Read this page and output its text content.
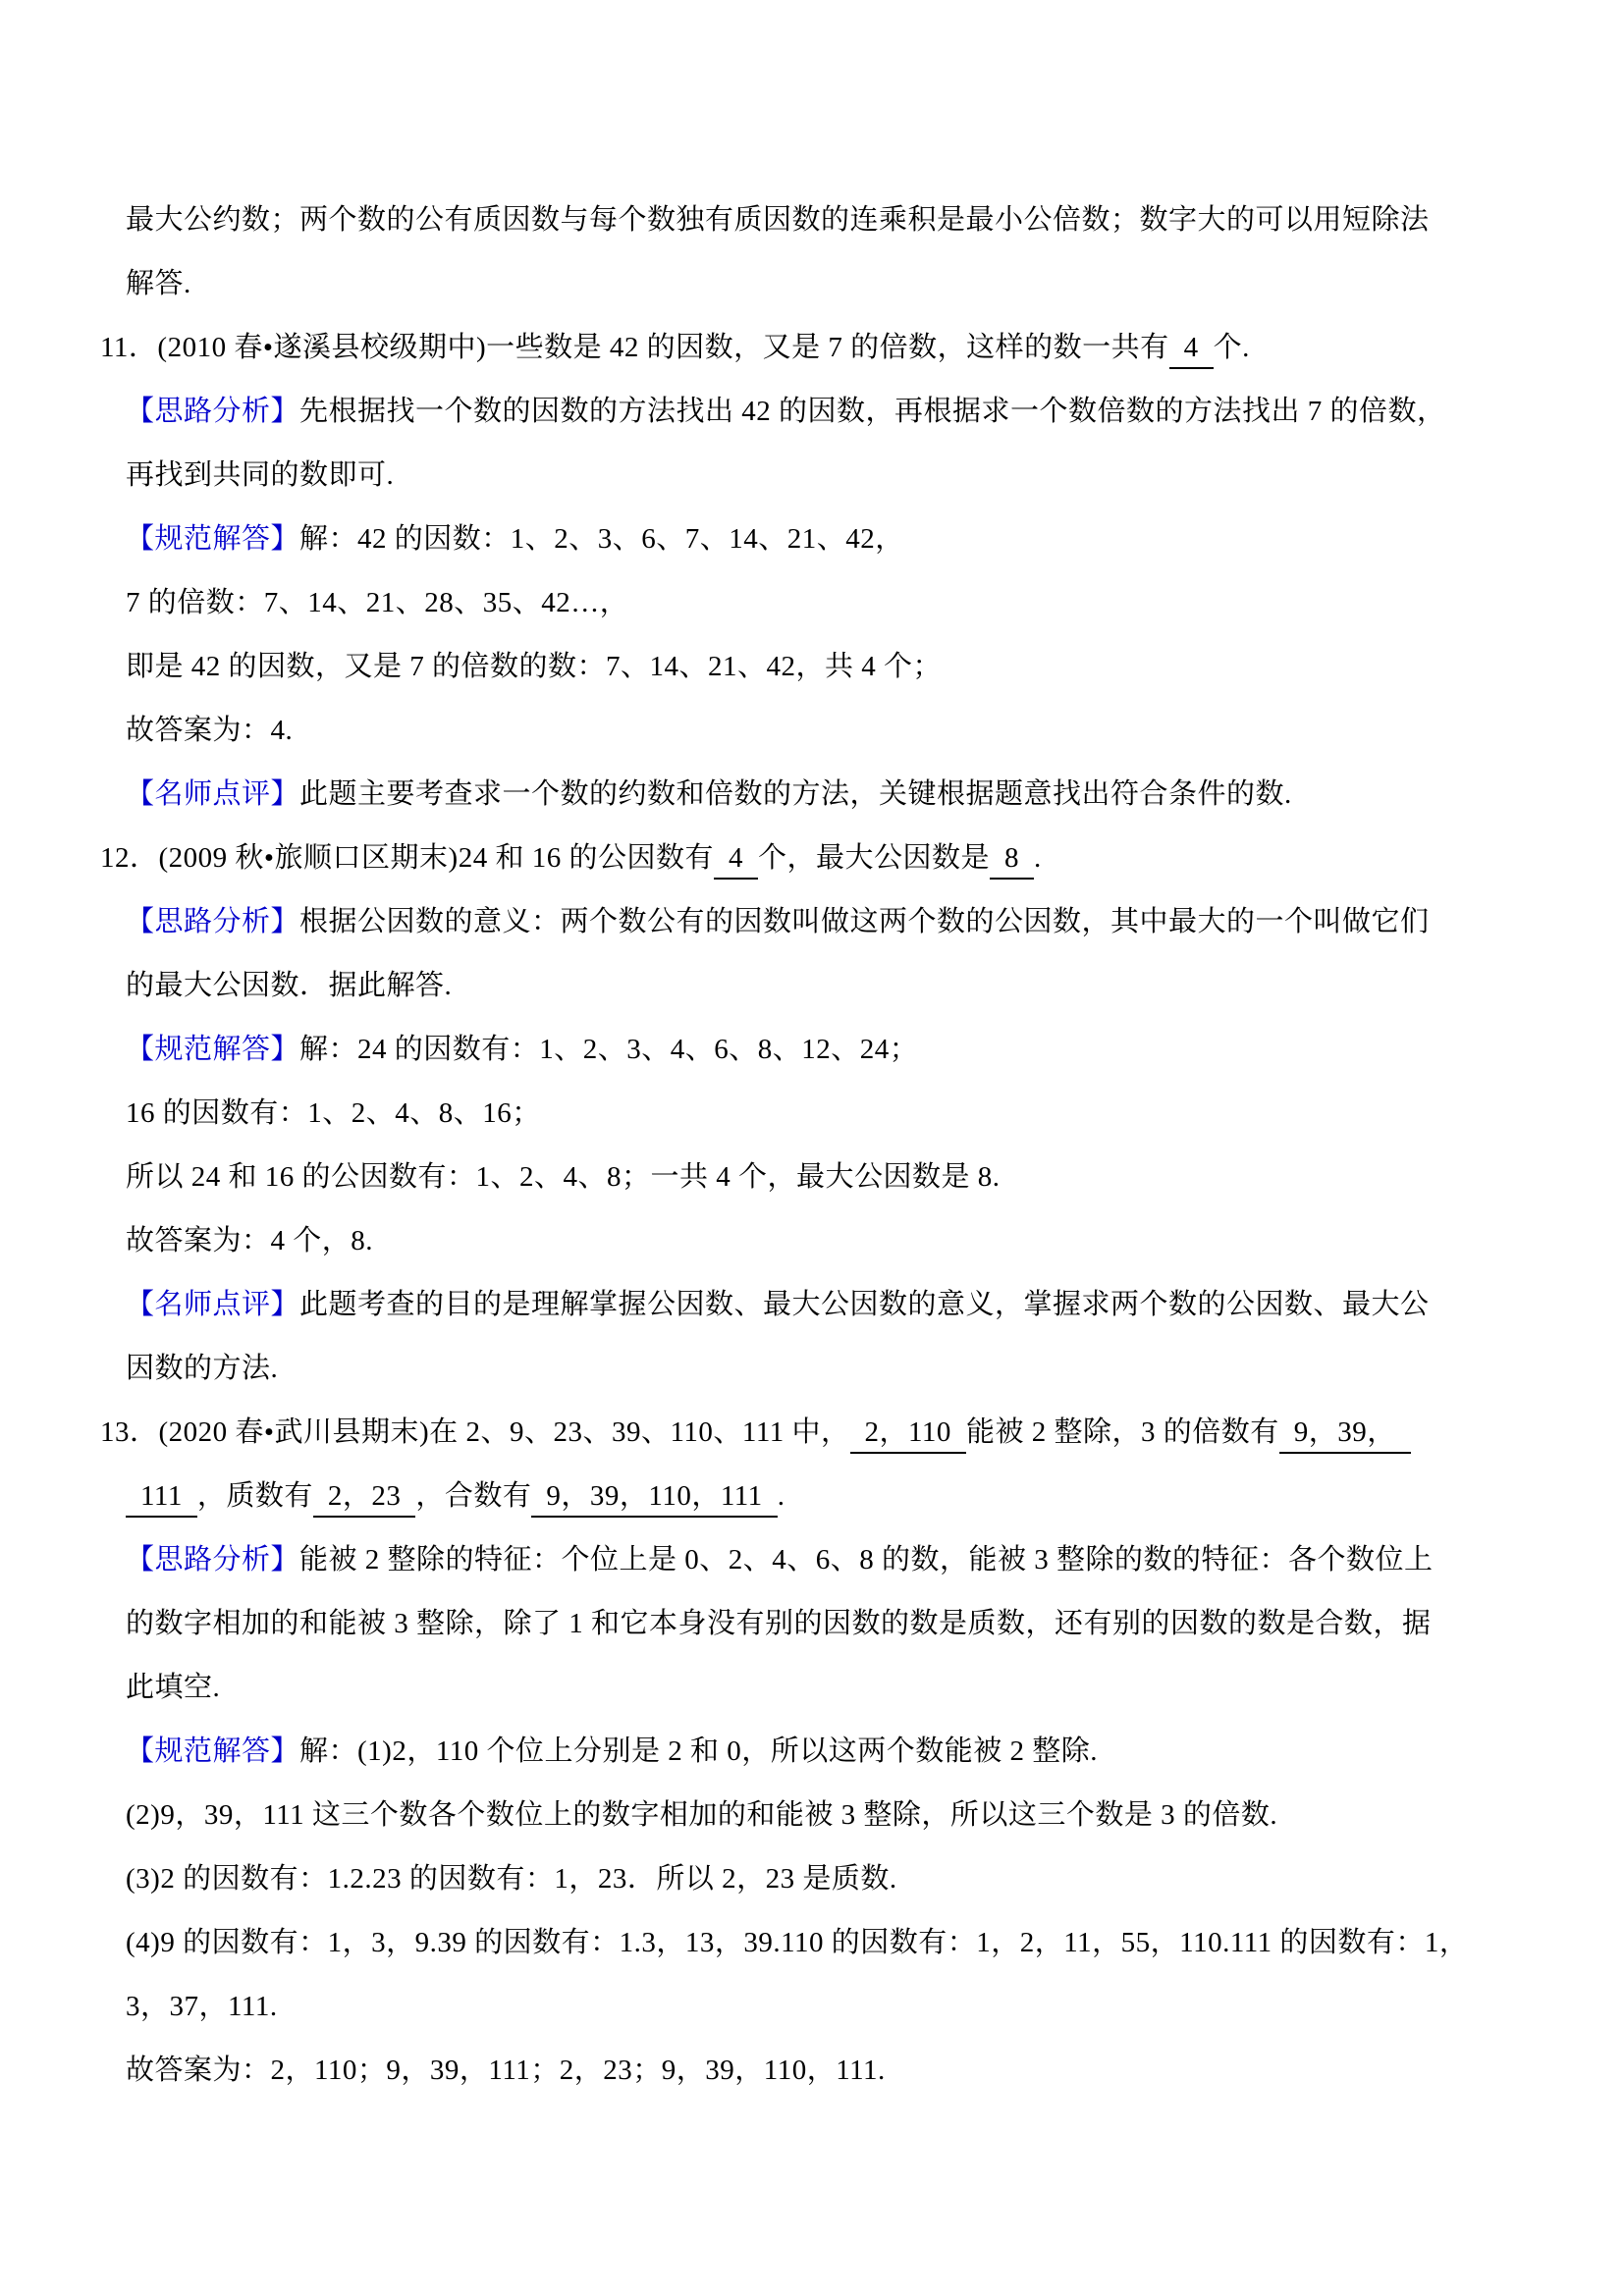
最大公约数；两个数的公有质因数与每个数独有质因数的连乘积是最小公倍数；数字大的可以用短除法
解答.
11．(2010 春•遂溪县校级期中)一些数是 42 的因数，又是 7 的倍数，这样的数一共有 4 个.
【思路分析】先根据找一个数的因数的方法找出 42 的因数，再根据求一个数倍数的方法找出 7 的倍数，
再找到共同的数即可.
【规范解答】解：42 的因数：1、2、3、6、7、14、21、42，
7 的倍数：7、14、21、28、35、42…，
即是 42 的因数，又是 7 的倍数的数：7、14、21、42，共 4 个；
故答案为：4.
【名师点评】此题主要考查求一个数的约数和倍数的方法，关键根据题意找出符合条件的数.
12．(2009 秋•旅顺口区期末)24 和 16 的公因数有 4 个，最大公因数是 8 .
【思路分析】根据公因数的意义：两个数公有的因数叫做这两个数的公因数，其中最大的一个叫做它们
的最大公因数．据此解答.
【规范解答】解：24 的因数有：1、2、3、4、6、8、12、24；
16 的因数有：1、2、4、8、16；
所以 24 和 16 的公因数有：1、2、4、8；一共 4 个，最大公因数是 8.
故答案为：4 个，8.
【名师点评】此题考查的目的是理解掌握公因数、最大公因数的意义，掌握求两个数的公因数、最大公
因数的方法.
13．(2020 春•武川县期末)在 2、9、23、39、110、111 中， 2，110 能被 2 整除，3 的倍数有 9，39，
111 ，质数有 2，23 ，合数有 9，39，110，111 .
【思路分析】能被 2 整除的特征：个位上是 0、2、4、6、8 的数，能被 3 整除的数的特征：各个数位上
的数字相加的和能被 3 整除，除了 1 和它本身没有别的因数的数是质数，还有别的因数的数是合数，据
此填空.
【规范解答】解：(1)2，110 个位上分别是 2 和 0，所以这两个数能被 2 整除.
(2)9，39，111 这三个数各个数位上的数字相加的和能被 3 整除，所以这三个数是 3 的倍数.
(3)2 的因数有：1.2.23 的因数有：1，23．所以 2，23 是质数.
(4)9 的因数有：1，3，9.39 的因数有：1.3，13，39.110 的因数有：1，2，11，55，110.111 的因数有：1，
3，37，111.
故答案为：2，110；9，39，111；2，23；9，39，110，111.
